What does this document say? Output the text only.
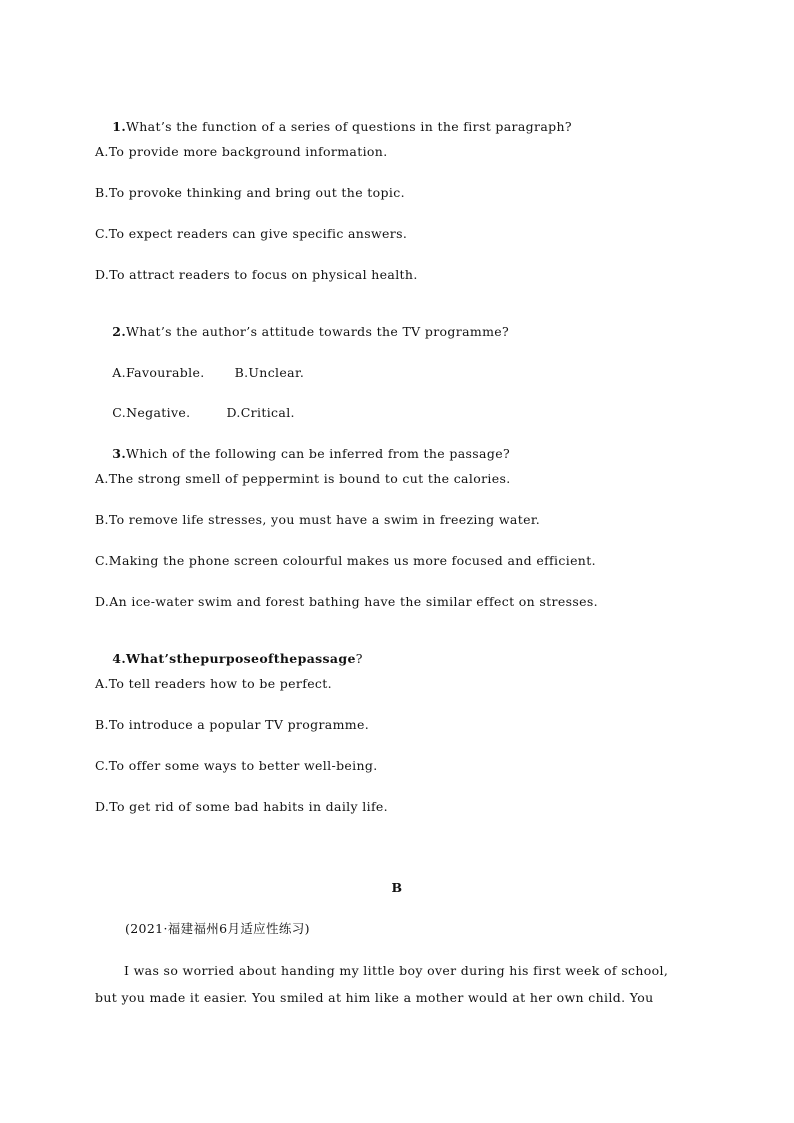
1.What’s the function of a series of questions in the first paragraph?

A.To provide more background information.
B.To provoke thinking and bring out the topic.
C.To expect readers can give specific answers.
D.To attract readers to focus on physical health.

2.What’s the author’s attitude towards the TV programme?

A.Favourable. B.Unclear.

C.Negative.	D.Critical.

3.Which of the following can be inferred from the passage?

A.The strong smell of peppermint is bound to cut the calories.
B.To remove life stresses, you must have a swim in freezing water.
C.Making the phone screen colourful makes us more focused and efficient.
D.An ice-water swim and forest bathing have the similar effect on stresses.

4.What’sthepurposeofthepassage?

A.To tell readers how to be perfect.
B.To introduce a popular TV programme.
C.To offer some ways to better well-being.
D.To get rid of some bad habits in daily life.
B
(2021·福建福州6月适应性练习)
I was so worried about handing my little boy over during his first week of school,
but you made it easier. You smiled at him like a mother would at her own child. You
